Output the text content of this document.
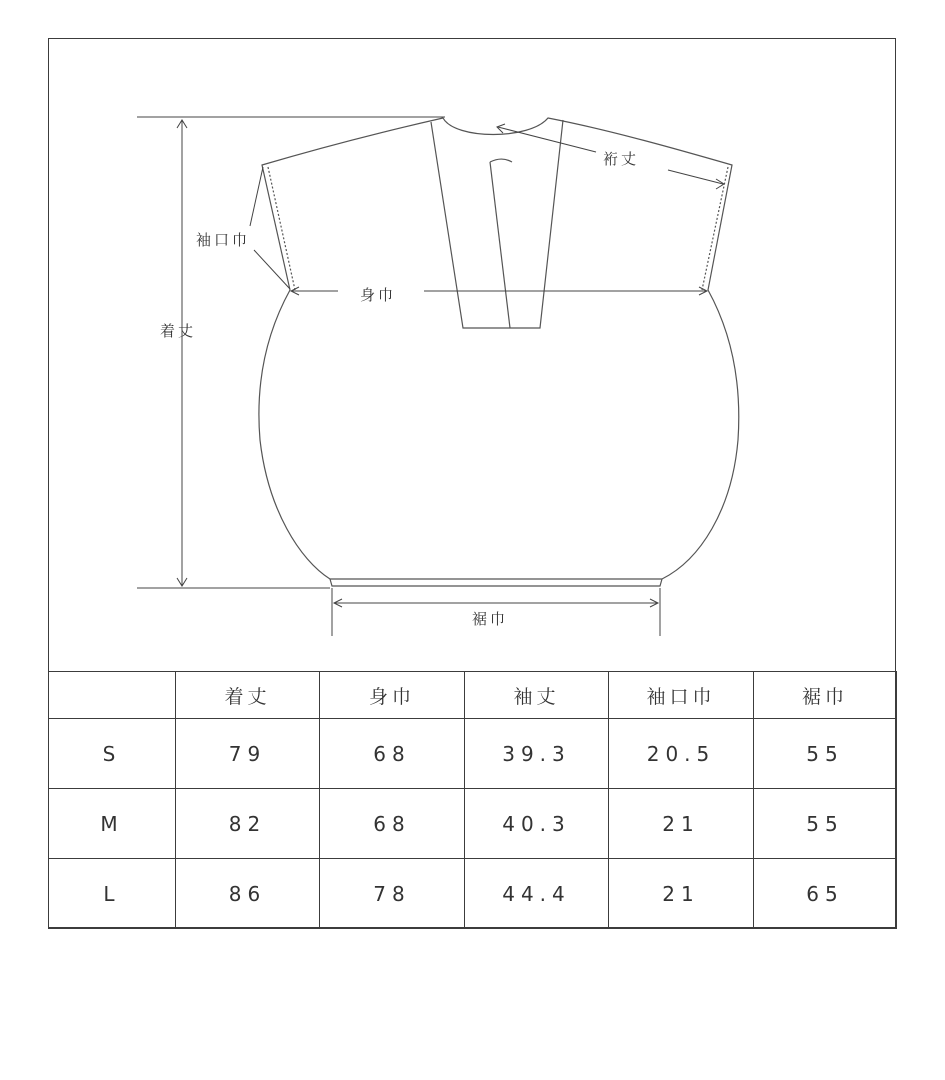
着丈
身巾
裄丈
袖口巾
裾巾
	着丈	身巾	袖丈	袖口巾	裾巾
S	79	68	39.3	20.5	55
M	82	68	40.3	21	55
L	86	78	44.4	21	65
